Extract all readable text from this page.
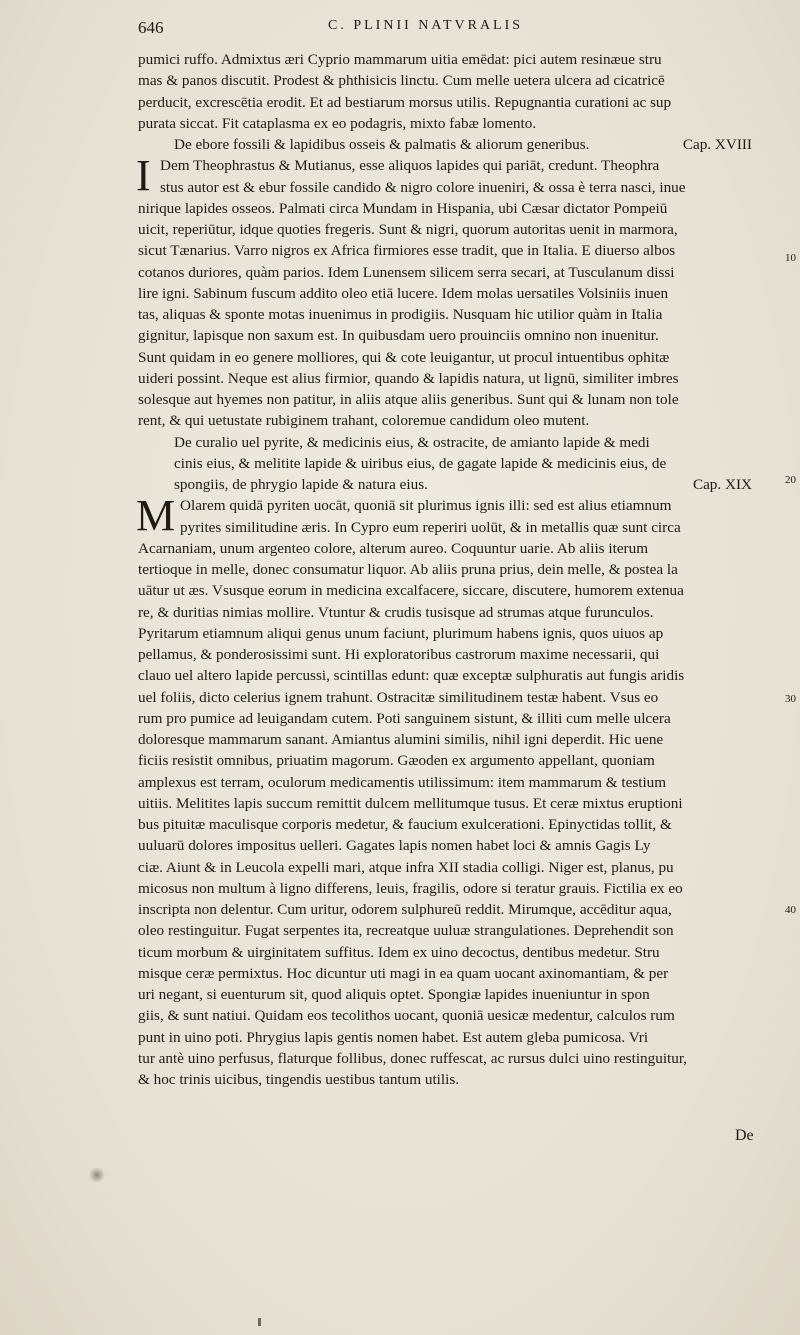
646	C. PLINII NATVRALIS
pumici ruffo. Admixtus æri Cyprio mammarum uitia emēdat: pici autem resinæue stru
mas & panos discutit. Prodest & phthisicis linctu. Cum melle uetera ulcera ad cicatricē
perducit, excrescētia erodit. Et ad bestiarum morsus utilis. Repugnantia curationi ac sup
purata siccat. Fit cataplasma ex eo podagris, mixto fabæ lomento.
De ebore fossili & lapidibus osseis & palmatis & aliorum generibus.	Cap. XVIII
I Dem Theophrastus & Mutianus, esse aliquos lapides qui pariāt, credunt. Theophra
stus autor est & ebur fossile candido & nigro colore inueniri, & ossa è terra nasci, inue
nirique lapides osseos. Palmati circa Mundam in Hispania, ubi Cæsar dictator Pompeiū
uicit, reperiūtur, idque quoties fregeris. Sunt & nigri, quorum autoritas uenit in marmora,
sicut Tænarius. Varro nigros ex Africa firmiores esse tradit, que in Italia. E diuerso albos
cotanos duriores, quàm parios. Idem Lunensem silicem serra secari, at Tusculanum dissi
lire igni. Sabinum fuscum addito oleo etiā lucere. Idem molas uersatiles Volsiniis inuen
tas, aliquas & sponte motas inuenimus in prodigiis. Nusquam hic utilior quàm in Italia
gignitur, lapisque non saxum est. In quibusdam uero prouinciis omnino non inuenitur.
Sunt quidam in eo genere molliores, qui & cote leuigantur, ut procul intuentibus ophitæ
uideri possint. Neque est alius firmior, quando & lapidis natura, ut lignū, similiter imbres
solesque aut hyemes non patitur, in aliis atque aliis generibus. Sunt qui & lunam non tole
rent, & qui uetustate rubiginem trahant, coloremue candidum oleo mutent.
De curalio uel pyrite, & medicinis eius, & ostracite, de amianto lapide & medi
cinis eius, & melitite lapide & uiribus eius, de gagate lapide & medicinis eius, de
spongiis, de phrygio lapide & natura eius.	Cap. XIX
M Olarem quidā pyriten uocāt, quoniā sit plurimus ignis illi: sed est alius etiamnum
pyrites similitudine æris. In Cypro eum reperiri uolūt, & in metallis quæ sunt circa
Acarnaniam, unum argenteo colore, alterum aureo. Coquuntur uarie. Ab aliis iterum
tertioque in melle, donec consumatur liquor. Ab aliis pruna prius, dein melle, & postea la
uātur ut æs. Vsusque eorum in medicina excalfacere, siccare, discutere, humorem extenua
re, & duritias nimias mollire. Vtuntur & crudis tusisque ad strumas atque furunculos.
Pyritarum etiamnum aliqui genus unum faciunt, plurimum habens ignis, quos uiuos ap
pellamus, & ponderosissimi sunt. Hi exploratoribus castrorum maxime necessarii, qui
clauo uel altero lapide percussi, scintillas edunt: quæ exceptæ sulphuratis aut fungis aridis
uel foliis, dicto celerius ignem trahunt. Ostracitæ similitudinem testæ habent. Vsus eo
rum pro pumice ad leuigandam cutem. Poti sanguinem sistunt, & illiti cum melle ulcera
doloresque mammarum sanant. Amiantus alumini similis, nihil igni deperdit. Hic uene
ficiis resistit omnibus, priuatim magorum. Gæoden ex argumento appellant, quoniam
amplexus est terram, oculorum medicamentis utilissimum: item mammarum & testium
uitiis. Melitites lapis succum remittit dulcem mellitumque tusus. Et ceræ mixtus eruptioni
bus pituitæ maculisque corporis medetur, & faucium exulcerationi. Epinyctidas tollit, &
uuluarū dolores impositus uelleri. Gagates lapis nomen habet loci & amnis Gagis Ly
ciæ. Aiunt & in Leucola expelli mari, atque infra XII stadia colligi. Niger est, planus, pu
micosus non multum à ligno differens, leuis, fragilis, odore si teratur grauis. Fictilia ex eo
inscripta non delentur. Cum uritur, odorem sulphureū reddit. Mirumque, accēditur aqua,
oleo restinguitur. Fugat serpentes ita, recreatque uuluæ strangulationes. Deprehendit son
ticum morbum & uirginitatem suffitus. Idem ex uino decoctus, dentibus medetur. Stru
misque ceræ permixtus. Hoc dicuntur uti magi in ea quam uocant axinomantiam, & per
uri negant, si euenturum sit, quod aliquis optet. Spongiæ lapides inueniuntur in spon
giis, & sunt natiui. Quidam eos tecolithos uocant, quoniā uesicæ medentur, calculos rum
punt in uino poti. Phrygius lapis gentis nomen habet. Est autem gleba pumicosa. Vri
tur antè uino perfusus, flaturque follibus, donec ruffescat, ac rursus dulci uino restinguitur,
& hoc trinis uicibus, tingendis uestibus tantum utilis.
10
20
30
40
De
